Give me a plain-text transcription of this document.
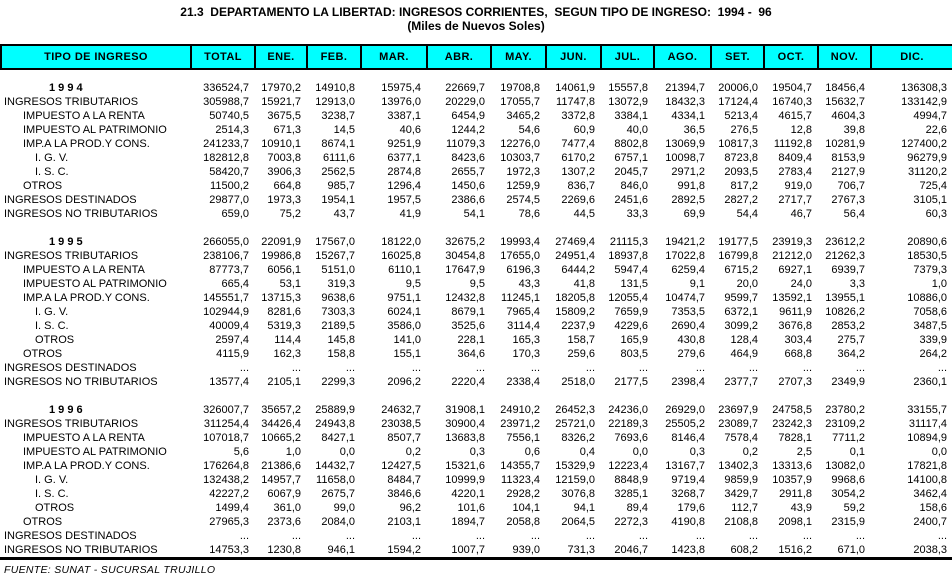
21.3  DEPARTAMENTO LA LIBERTAD: INGRESOS CORRIENTES,  SEGUN TIPO DE INGRESO:  1994 -  96
(Miles de Nuevos Soles)
TIPO DE INGRESO	TOTAL	ENE.	FEB.	MAR.	ABR.	MAY.	JUN.	JUL.	AGO.	SET.	OCT.	NOV.	DIC.

1 9 9 4	336524,7	17970,2	14910,8	15975,4	22669,7	19708,8	14061,9	15557,8	21394,7	20006,0	19504,7	18456,4	136308,3
INGRESOS TRIBUTARIOS	305988,7	15921,7	12913,0	13976,0	20229,0	17055,7	11747,8	13072,9	18432,3	17124,4	16740,3	15632,7	133142,9
IMPUESTO A LA RENTA	50740,5	3675,5	3238,7	3387,1	6454,9	3465,2	3372,8	3384,1	4334,1	5213,4	4615,7	4604,3	4994,7
IMPUESTO AL PATRIMONIO	2514,3	671,3	14,5	40,6	1244,2	54,6	60,9	40,0	36,5	276,5	12,8	39,8	22,6
IMP.A LA PROD.Y CONS.	241233,7	10910,1	8674,1	9251,9	11079,3	12276,0	7477,4	8802,8	13069,9	10817,3	11192,8	10281,9	127400,2
I. G. V.	182812,8	7003,8	6111,6	6377,1	8423,6	10303,7	6170,2	6757,1	10098,7	8723,8	8409,4	8153,9	96279,9
I. S. C.	58420,7	3906,3	2562,5	2874,8	2655,7	1972,3	1307,2	2045,7	2971,2	2093,5	2783,4	2127,9	31120,2
OTROS	11500,2	664,8	985,7	1296,4	1450,6	1259,9	836,7	846,0	991,8	817,2	919,0	706,7	725,4
INGRESOS DESTINADOS	29877,0	1973,3	1954,1	1957,5	2386,6	2574,5	2269,6	2451,6	2892,5	2827,2	2717,7	2767,3	3105,1
INGRESOS NO TRIBUTARIOS	659,0	75,2	43,7	41,9	54,1	78,6	44,5	33,3	69,9	54,4	46,7	56,4	60,3

1 9 9 5	266055,0	22091,9	17567,0	18122,0	32675,2	19993,4	27469,4	21115,3	19421,2	19177,5	23919,3	23612,2	20890,6
INGRESOS TRIBUTARIOS	238106,7	19986,8	15267,7	16025,8	30454,8	17655,0	24951,4	18937,8	17022,8	16799,8	21212,0	21262,3	18530,5
IMPUESTO A LA RENTA	87773,7	6056,1	5151,0	6110,1	17647,9	6196,3	6444,2	5947,4	6259,4	6715,2	6927,1	6939,7	7379,3
IMPUESTO AL PATRIMONIO	665,4	53,1	319,3	9,5	9,5	43,3	41,8	131,5	9,1	20,0	24,0	3,3	1,0
IMP.A LA PROD.Y CONS.	145551,7	13715,3	9638,6	9751,1	12432,8	11245,1	18205,8	12055,4	10474,7	9599,7	13592,1	13955,1	10886,0
I. G. V.	102944,9	8281,6	7303,3	6024,1	8679,1	7965,4	15809,2	7659,9	7353,5	6372,1	9611,9	10826,2	7058,6
I. S. C.	40009,4	5319,3	2189,5	3586,0	3525,6	3114,4	2237,9	4229,6	2690,4	3099,2	3676,8	2853,2	3487,5
OTROS	2597,4	114,4	145,8	141,0	228,1	165,3	158,7	165,9	430,8	128,4	303,4	275,7	339,9
OTROS	4115,9	162,3	158,8	155,1	364,6	170,3	259,6	803,5	279,6	464,9	668,8	364,2	264,2
INGRESOS DESTINADOS	...	...	...	...	...	...	...	...	...	...	...	...	...
INGRESOS NO TRIBUTARIOS	13577,4	2105,1	2299,3	2096,2	2220,4	2338,4	2518,0	2177,5	2398,4	2377,7	2707,3	2349,9	2360,1

1 9 9 6	326007,7	35657,2	25889,9	24632,7	31908,1	24910,2	26452,3	24236,0	26929,0	23697,9	24758,5	23780,2	33155,7
INGRESOS TRIBUTARIOS	311254,4	34426,4	24943,8	23038,5	30900,4	23971,2	25721,0	22189,3	25505,2	23089,7	23242,3	23109,2	31117,4
IMPUESTO A LA RENTA	107018,7	10665,2	8427,1	8507,7	13683,8	7556,1	8326,2	7693,6	8146,4	7578,4	7828,1	7711,2	10894,9
IMPUESTO AL PATRIMONIO	5,6	1,0	0,0	0,2	0,3	0,6	0,4	0,0	0,3	0,2	2,5	0,1	0,0
IMP.A LA PROD.Y CONS.	176264,8	21386,6	14432,7	12427,5	15321,6	14355,7	15329,9	12223,4	13167,7	13402,3	13313,6	13082,0	17821,8
I. G. V.	132438,2	14957,7	11658,0	8484,7	10999,9	11323,4	12159,0	8848,9	9719,4	9859,9	10357,9	9968,6	14100,8
I. S. C.	42227,2	6067,9	2675,7	3846,6	4220,1	2928,2	3076,8	3285,1	3268,7	3429,7	2911,8	3054,2	3462,4
OTROS	1499,4	361,0	99,0	96,2	101,6	104,1	94,1	89,4	179,6	112,7	43,9	59,2	158,6
OTROS	27965,3	2373,6	2084,0	2103,1	1894,7	2058,8	2064,5	2272,3	4190,8	2108,8	2098,1	2315,9	2400,7
INGRESOS DESTINADOS	...	...	...	...	...	...	...	...	...	...	...	...	...
INGRESOS NO TRIBUTARIOS	14753,3	1230,8	946,1	1594,2	1007,7	939,0	731,3	2046,7	1423,8	608,2	1516,2	671,0	2038,3
FUENTE: SUNAT - SUCURSAL TRUJILLO
